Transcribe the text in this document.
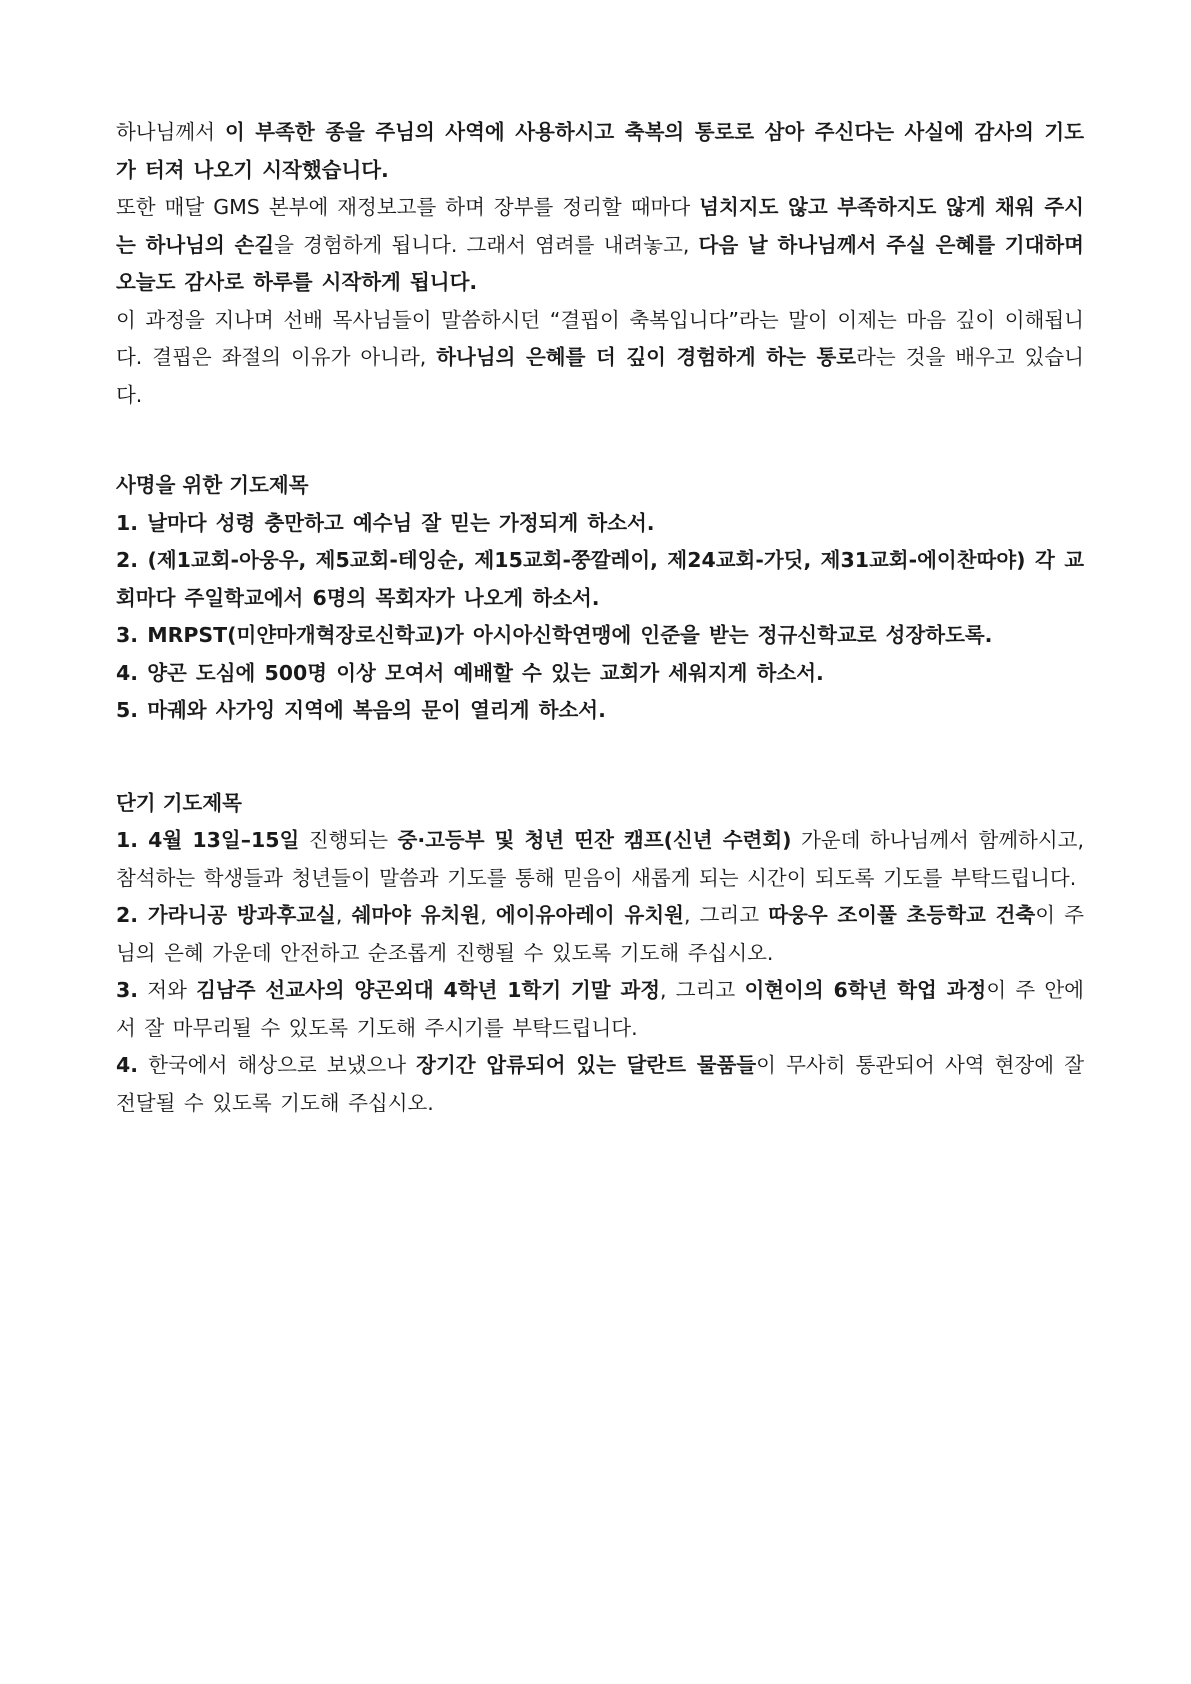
하나님께서 이 부족한 종을 주님의 사역에 사용하시고 축복의 통로로 삼아 주신다는 사실에 감사의 기도가 터져 나오기 시작했습니다.

또한 매달 GMS 본부에 재정보고를 하며 장부를 정리할 때마다 넘치지도 않고 부족하지도 않게 채워 주시는 하나님의 손길을 경험하게 됩니다. 그래서 염려를 내려놓고, 다음 날 하나님께서 주실 은혜를 기대하며 오늘도 감사로 하루를 시작하게 됩니다.

이 과정을 지나며 선배 목사님들이 말씀하시던 “결핍이 축복입니다”라는 말이 이제는 마음 깊이 이해됩니다. 결핍은 좌절의 이유가 아니라, 하나님의 은혜를 더 깊이 경험하게 하는 통로라는 것을 배우고 있습니다.

사명을 위한 기도제목

1. 날마다 성령 충만하고 예수님 잘 믿는 가정되게 하소서.

2. (제1교회-아웅우, 제5교회-테잉순, 제15교회-쭝깔레이, 제24교회-가딧, 제31교회-에이찬따야) 각 교회마다 주일학교에서 6명의 목회자가 나오게 하소서.

3. MRPST(미얀마개혁장로신학교)가 아시아신학연맹에 인준을 받는 정규신학교로 성장하도록.

4. 양곤 도심에 500명 이상 모여서 예배할 수 있는 교회가 세워지게 하소서.

5. 마궤와 사가잉 지역에 복음의 문이 열리게 하소서.

단기 기도제목

1. 4월 13일–15일 진행되는 중·고등부 및 청년 띤잔 캠프(신년 수련회) 가운데 하나님께서 함께하시고, 참석하는 학생들과 청년들이 말씀과 기도를 통해 믿음이 새롭게 되는 시간이 되도록 기도를 부탁드립니다.

2. 가라니공 방과후교실, 쉐마야 유치원, 에이유아레이 유치원, 그리고 따웅우 조이풀 초등학교 건축이 주님의 은혜 가운데 안전하고 순조롭게 진행될 수 있도록 기도해 주십시오.

3. 저와 김남주 선교사의 양곤외대 4학년 1학기 기말 과정, 그리고 이현이의 6학년 학업 과정이 주 안에서 잘 마무리될 수 있도록 기도해 주시기를 부탁드립니다.

4. 한국에서 해상으로 보냈으나 장기간 압류되어 있는 달란트 물품들이 무사히 통관되어 사역 현장에 잘 전달될 수 있도록 기도해 주십시오.
